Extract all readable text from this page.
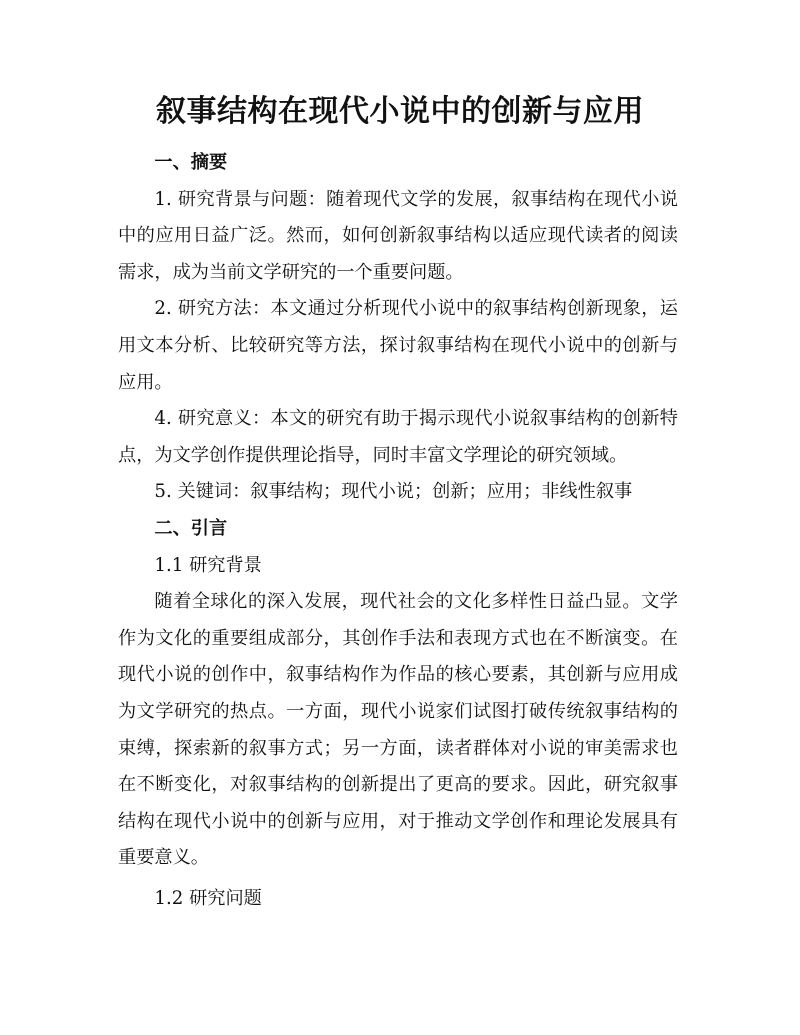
叙事结构在现代小说中的创新与应用

一、摘要

1. 研究背景与问题：随着现代文学的发展，叙事结构在现代小说中的应用日益广泛。然而，如何创新叙事结构以适应现代读者的阅读需求，成为当前文学研究的一个重要问题。

2. 研究方法：本文通过分析现代小说中的叙事结构创新现象，运用文本分析、比较研究等方法，探讨叙事结构在现代小说中的创新与应用。

4. 研究意义：本文的研究有助于揭示现代小说叙事结构的创新特点，为文学创作提供理论指导，同时丰富文学理论的研究领域。

5. 关键词：叙事结构；现代小说；创新；应用；非线性叙事

二、引言

1.1 研究背景

随着全球化的深入发展，现代社会的文化多样性日益凸显。文学作为文化的重要组成部分，其创作手法和表现方式也在不断演变。在现代小说的创作中，叙事结构作为作品的核心要素，其创新与应用成为文学研究的热点。一方面，现代小说家们试图打破传统叙事结构的束缚，探索新的叙事方式；另一方面，读者群体对小说的审美需求也在不断变化，对叙事结构的创新提出了更高的要求。因此，研究叙事结构在现代小说中的创新与应用，对于推动文学创作和理论发展具有重要意义。

1.2 研究问题
